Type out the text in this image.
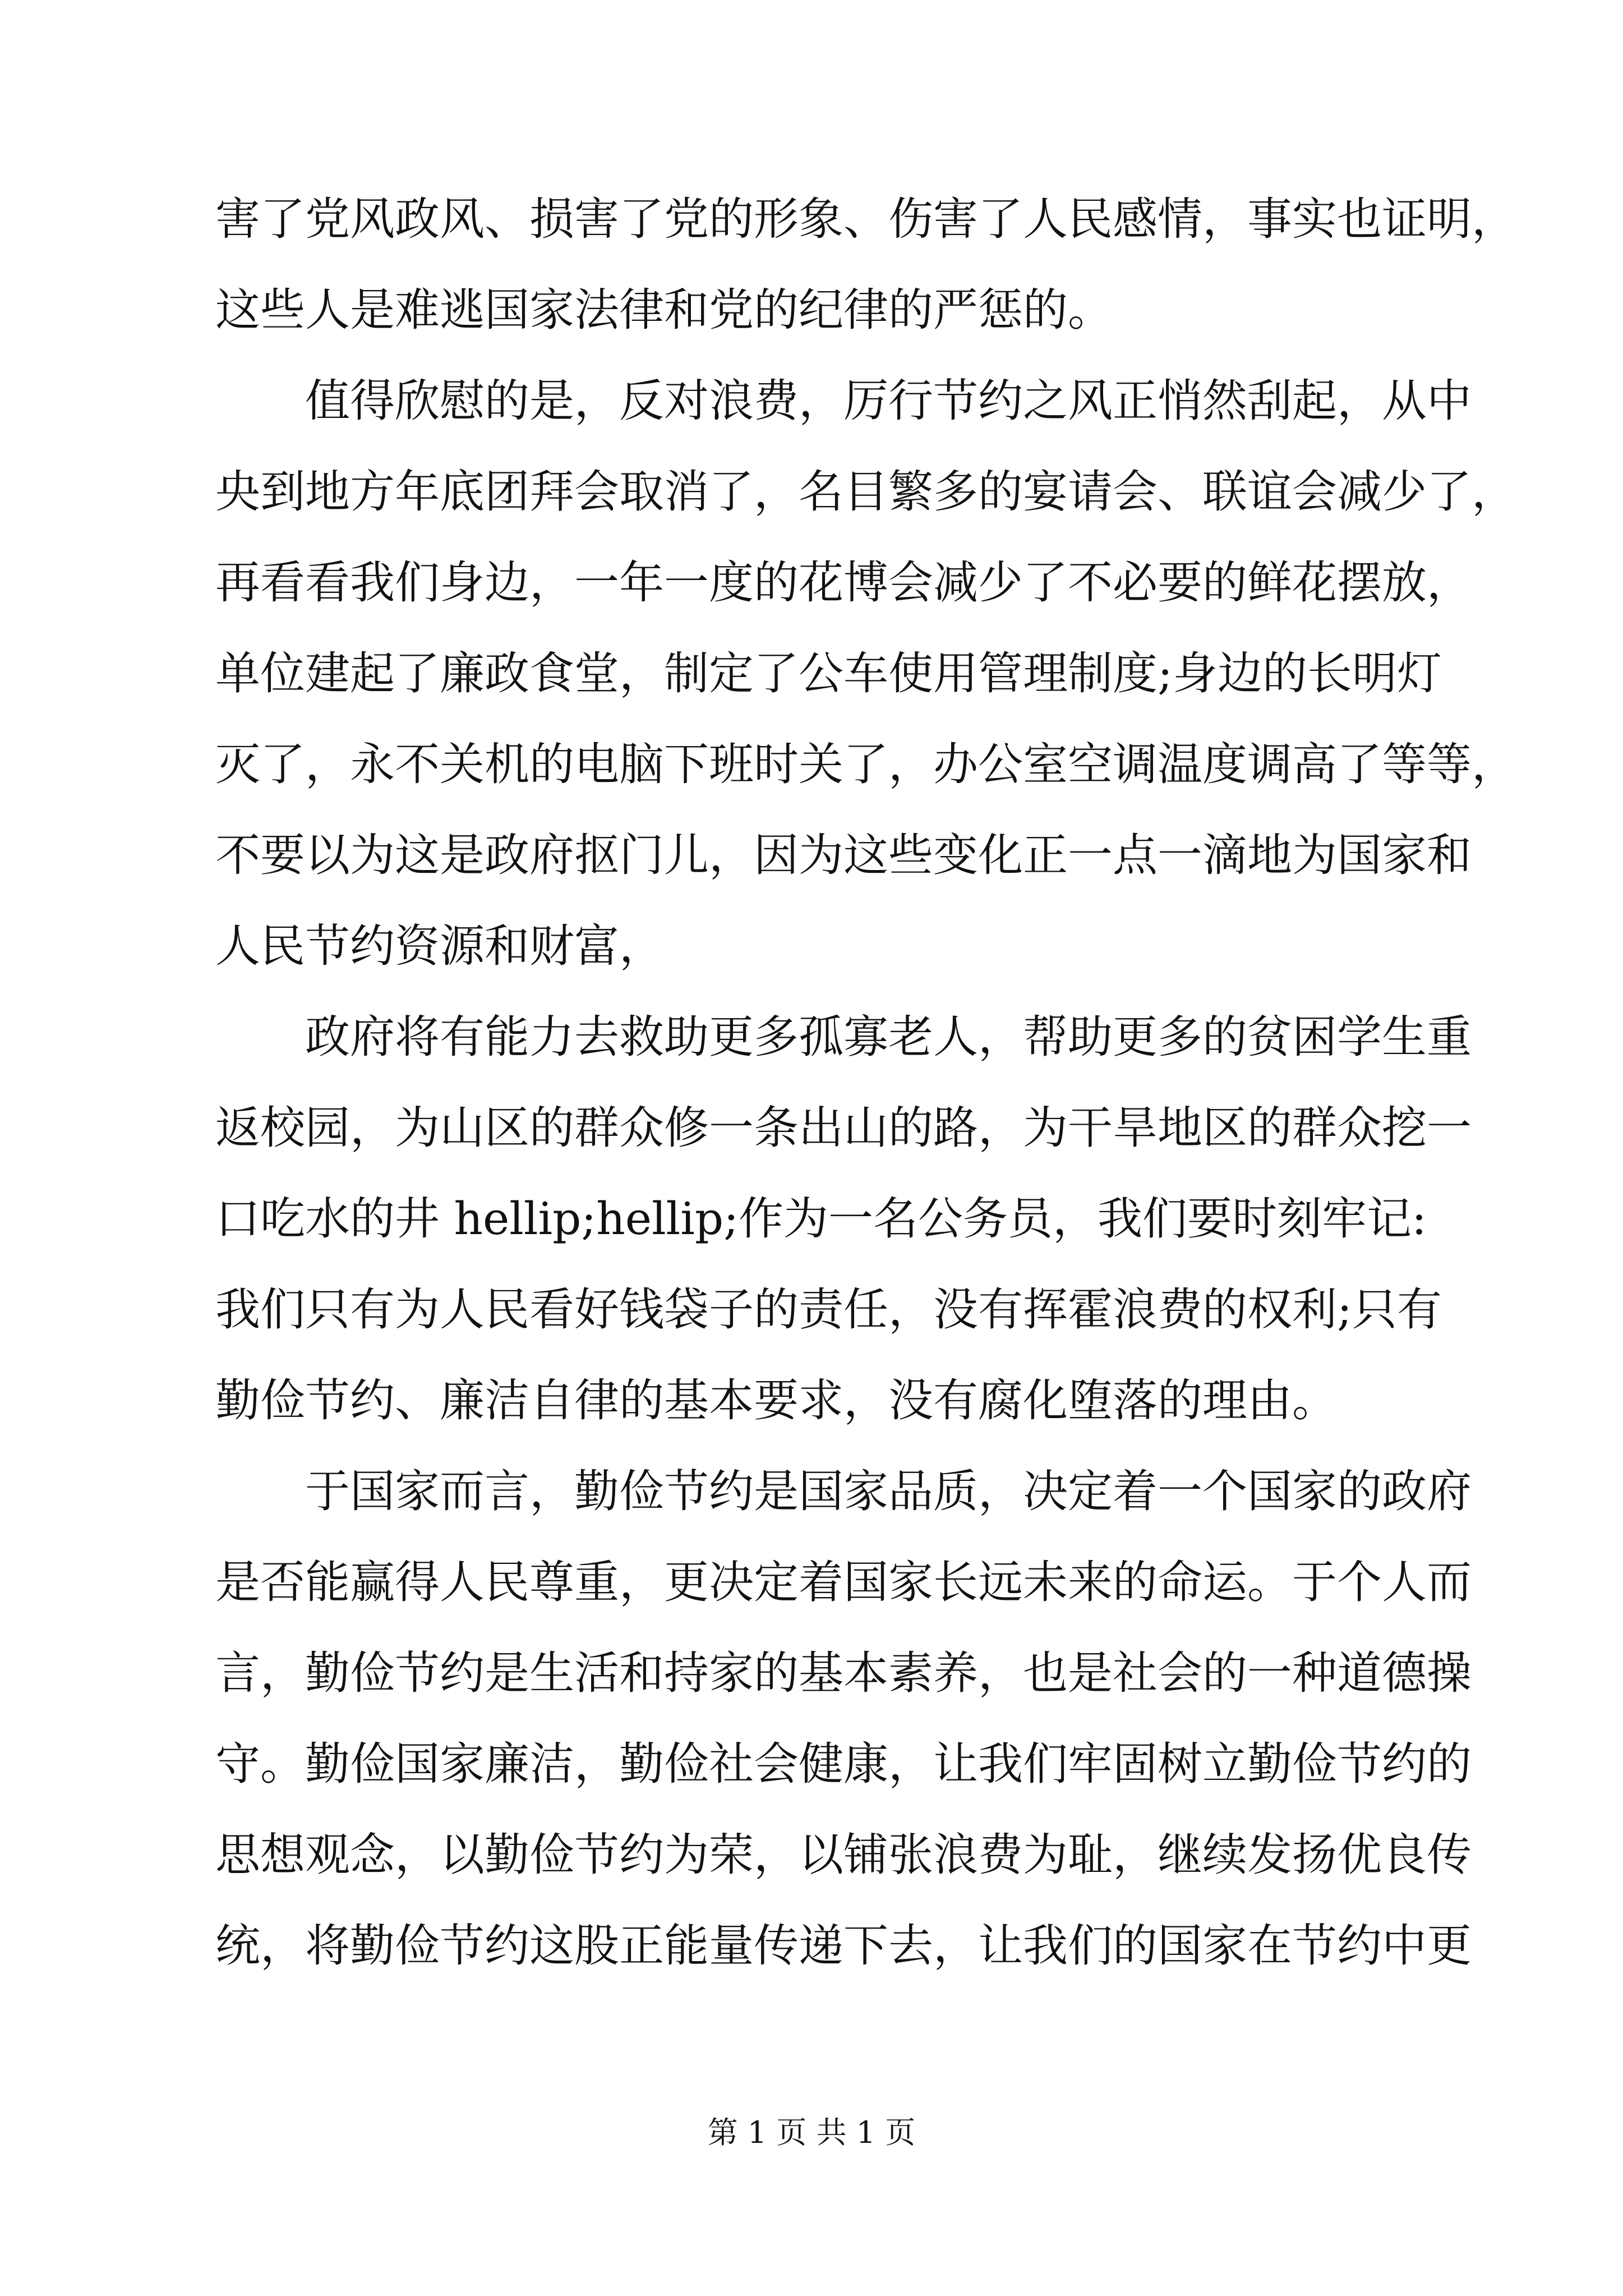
害了党风政风、损害了党的形象、伤害了人民感情，事实也证明，
这些人是难逃国家法律和党的纪律的严惩的。
　　值得欣慰的是，反对浪费，厉行节约之风正悄然刮起，从中
央到地方年底团拜会取消了，名目繁多的宴请会、联谊会减少了，
再看看我们身边，一年一度的花博会减少了不必要的鲜花摆放，
单位建起了廉政食堂，制定了公车使用管理制度;身边的长明灯
灭了，永不关机的电脑下班时关了，办公室空调温度调高了等等，
不要以为这是政府抠门儿，因为这些变化正一点一滴地为国家和
人民节约资源和财富，
　　政府将有能力去救助更多孤寡老人，帮助更多的贫困学生重
返校园，为山区的群众修一条出山的路，为干旱地区的群众挖一
口吃水的井 hellip;hellip;作为一名公务员，我们要时刻牢记:
我们只有为人民看好钱袋子的责任，没有挥霍浪费的权利;只有
勤俭节约、廉洁自律的基本要求，没有腐化堕落的理由。
　　于国家而言，勤俭节约是国家品质，决定着一个国家的政府
是否能赢得人民尊重，更决定着国家长远未来的命运。于个人而
言，勤俭节约是生活和持家的基本素养，也是社会的一种道德操
守。勤俭国家廉洁，勤俭社会健康，让我们牢固树立勤俭节约的
思想观念，以勤俭节约为荣，以铺张浪费为耻，继续发扬优良传
统，将勤俭节约这股正能量传递下去，让我们的国家在节约中更
第 1 页 共 1 页
